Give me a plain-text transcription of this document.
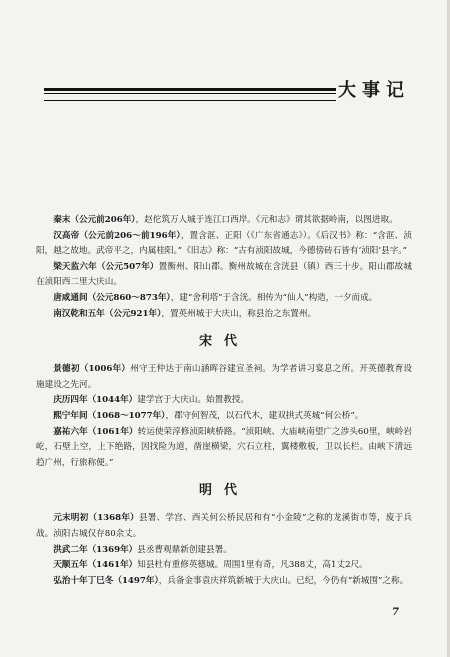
大事记

秦末（公元前206年），赵佗筑万人城于连江口西岸。《元和志》谓其欲据岭南，以图进取。

汉高帝（公元前206～前196年），置含洭、正阳（《广东省通志》）。《后汉书》称：“含洭、浈阳，越之故地。武帝平之，内属桂阳。”《旧志》称：“古有浈阳故城，今德傍砖石皆有‘浈阳’县字。”

梁天监六年（公元507年）置衡州、阳山郡。衡州故城在含洸县（镇）西三十步。阳山郡故城在浈阳西二里大庆山。

唐咸通间（公元860～873年），建“舍利塔”于含洸。相传为“仙人”构造，一夕而成。

南汉乾和五年（公元921年），置英州城于大庆山，称县治之东置州。

宋代

景德初（1006年）州守王仲达于南山涵晖谷建宣圣祠。为学者讲习宴息之所。开英德教育设施建设之先河。

庆历四年（1044年）建学宫于大庆山。始置教授。

熙宁年间（1068～1077年），郡守何智茂，以石代木，建双拱式英城“何公桥”。

嘉祐六年（1061年）转运使荣淳修浈阳峡桥路。“浈阳峡、大庙峡南望广之涉头60里，峡岭岩屹，石壁上空，上下绝路，因找险为道，凿崖横梁，穴石立柱，翼楼敷板，卫以长栏。由峡下清远趋广州，行旅称便。”

明代

元末明初（1368年）县署、学宫、西关何公桥民居和有“小金陵”之称的龙溪街市等，废于兵战。浈阳古城仅存80余丈。

洪武二年（1369年）县丞曹观鼎新创建县署。

天顺五年（1461年）知县杜有重修英德城。周围1里有奇，凡388丈，高1丈2尺。

弘治十年丁巳冬（1497年），兵备金事袁庆祥筑新城于大庆山。已纪，今仍有“新城围”之称。

7
